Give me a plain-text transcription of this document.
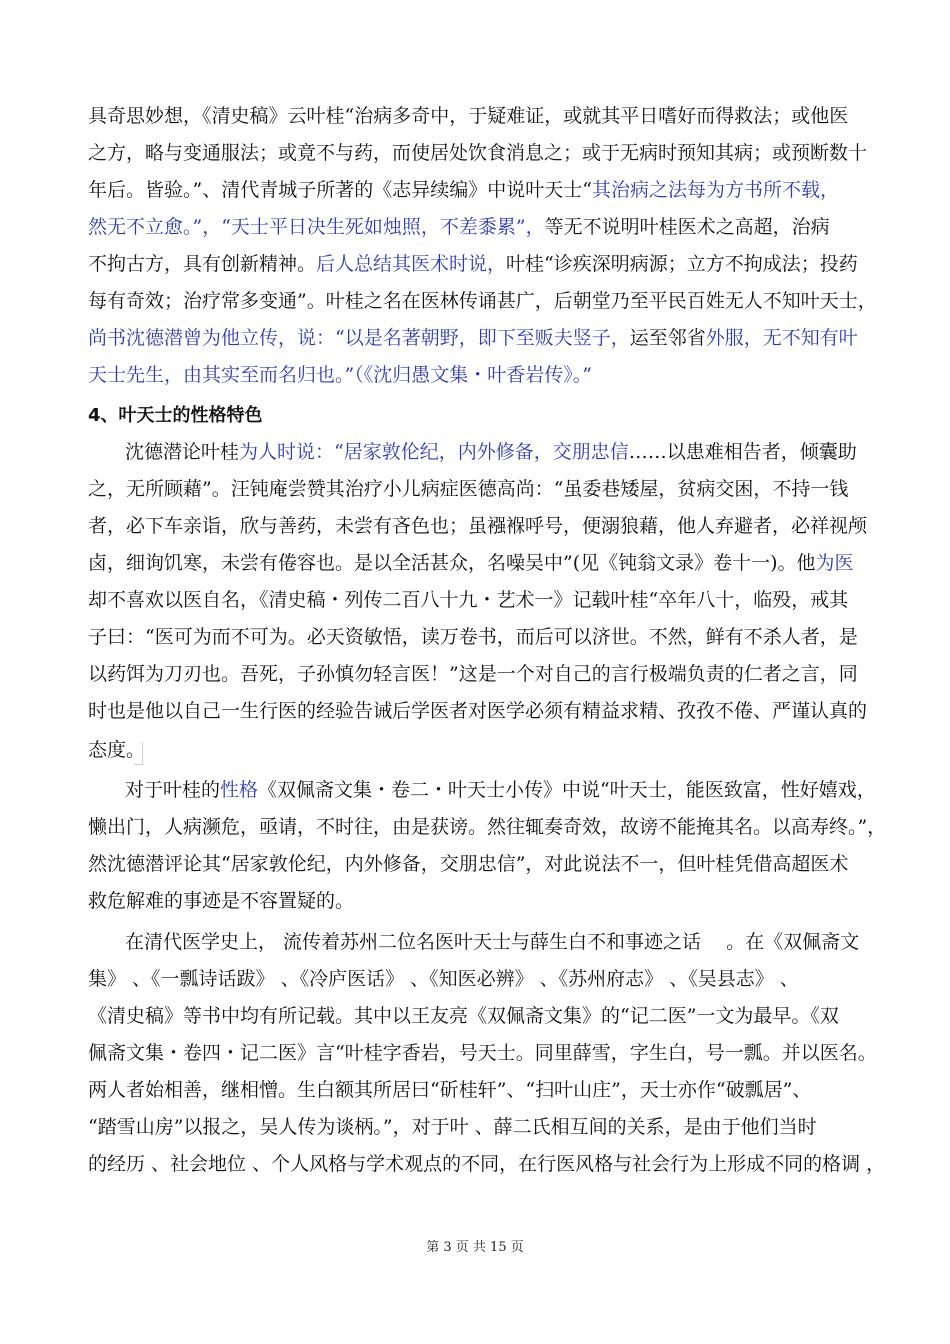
具奇思妙想，《清史稿》云叶桂“治病多奇中，于疑难证，或就其平日嗜好而得救法；或他医
之方，略与变通服法；或竟不与药，而使居处饮食消息之；或于无病时预知其病；或预断数十
年后。皆验。”、清代青城子所著的《志异续编》中说叶天士“其治病之法每为方书所不载，
然无不立愈。”，“天士平日决生死如烛照，不差黍累”，等无不说明叶桂医术之高超，治病
不拘古方，具有创新精神。后人总结其医术时说，叶桂“诊疾深明病源；立方不拘成法；投药
每有奇效；治疗常多变通”。叶桂之名在医林传诵甚广，后朝堂乃至平民百姓无人不知叶天士，
尚书沈德潜曾为他立传，说：“以是名著朝野，即下至贩夫竖子，运至邻省外服，无不知有叶
天士先生，由其实至而名归也。”（《沈归愚文集・叶香岩传》。”
4、叶天士的性格特色
沈德潜论叶桂为人时说：“居家敦伦纪，内外修备，交朋忠信……以患难相告者，倾囊助
之，无所顾藉”。汪钝庵尝赞其治疗小儿病症医德高尚：“虽委巷矮屋，贫病交困，不持一钱
者，必下车亲诣，欣与善药，未尝有吝色也；虽襁褓呼号，便溺狼藉，他人弃避者，必祥视颅
卤，细询饥寒，未尝有倦容也。是以全活甚众，名噪吴中”(见《钝翁文录》卷十一)。他为医
却不喜欢以医自名，《清史稿・列传二百八十九・艺术一》记载叶桂“卒年八十，临殁，戒其
子曰：“医可为而不可为。必天资敏悟，读万卷书，而后可以济世。不然，鲜有不杀人者，是
以药饵为刀刃也。吾死，子孙慎勿轻言医！”这是一个对自己的言行极端负责的仁者之言，同
时也是他以自己一生行医的经验告诫后学医者对医学必须有精益求精、孜孜不倦、严谨认真的
态度。
对于叶桂的性格《双佩斋文集・卷二・叶天士小传》中说“叶天士，能医致富，性好嬉戏，
懒出门，人病濒危，亟请，不时往，由是获谤。然往辄奏奇效，故谤不能掩其名。以高寿终。”，
然沈德潜评论其“居家敦伦纪，内外修备，交朋忠信”，对此说法不一，但叶桂凭借高超医术
救危解难的事迹是不容置疑的。
在清代医学史上， 流传着苏州二位名医叶天士与薛生白不和事迹之话　 。在《双佩斋文
集》 、《一瓢诗话跋》 、《冷庐医话》 、《知医必辨》 、《苏州府志》 、《吴县志》 、
《清史稿》等书中均有所记载。其中以王友亮《双佩斋文集》的“记二医”一文为最早。《双
佩斋文集・卷四・记二医》言“叶桂字香岩，号天士。同里薛雪，字生白，号一瓢。并以医名。
两人者始相善，继相憎。生白额其所居曰“斫桂轩”、“扫叶山庄”，天士亦作“破瓢居”、
“踏雪山房”以报之，吴人传为谈柄。”，对于叶 、薛二氏相互间的关系，是由于他们当时
的经历 、社会地位 、个人风格与学术观点的不同，在行医风格与社会行为上形成不同的格调 ，
第 3 页 共 15 页
